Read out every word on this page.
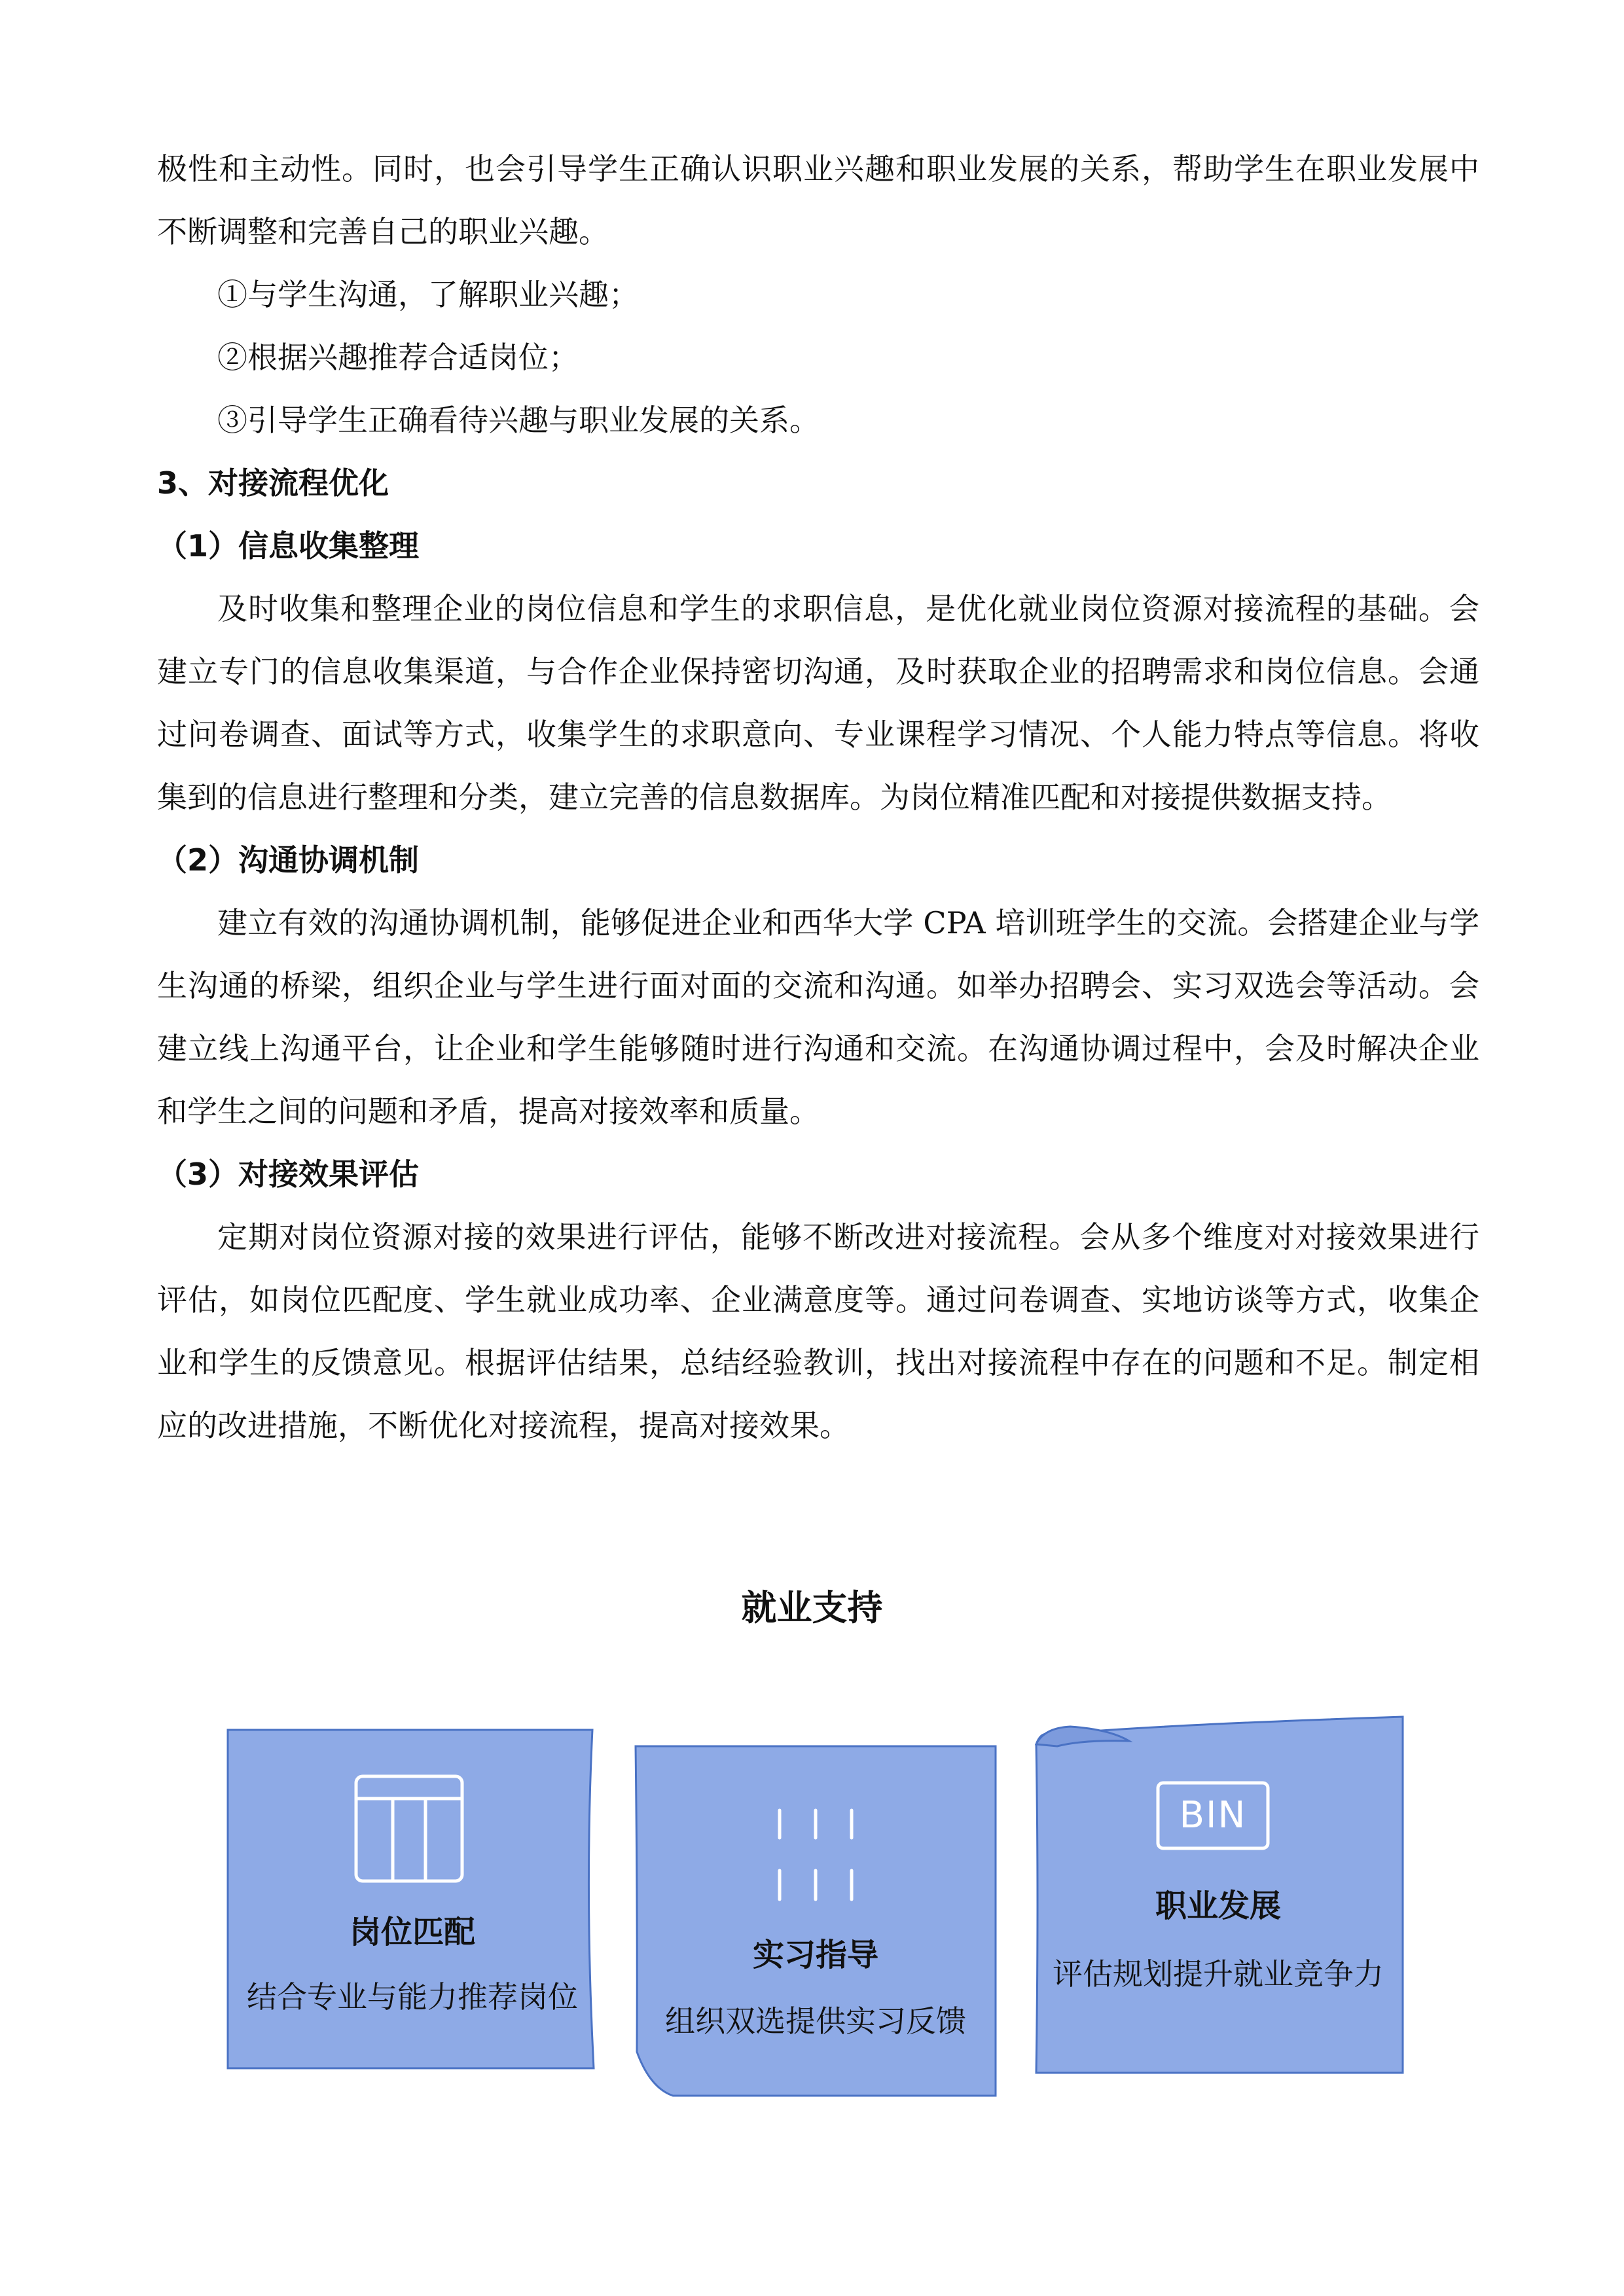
极性和主动性。同时，也会引导学生正确认识职业兴趣和职业发展的关系，帮助学生在职业发展中不断调整和完善自己的职业兴趣。

①与学生沟通，了解职业兴趣；

②根据兴趣推荐合适岗位；

③引导学生正确看待兴趣与职业发展的关系。

3、对接流程优化

（1）信息收集整理

及时收集和整理企业的岗位信息和学生的求职信息，是优化就业岗位资源对接流程的基础。会建立专门的信息收集渠道，与合作企业保持密切沟通，及时获取企业的招聘需求和岗位信息。会通过问卷调查、面试等方式，收集学生的求职意向、专业课程学习情况、个人能力特点等信息。将收集到的信息进行整理和分类，建立完善的信息数据库。为岗位精准匹配和对接提供数据支持。

（2）沟通协调机制

建立有效的沟通协调机制，能够促进企业和西华大学 CPA 培训班学生的交流。会搭建企业与学生沟通的桥梁，组织企业与学生进行面对面的交流和沟通。如举办招聘会、实习双选会等活动。会建立线上沟通平台，让企业和学生能够随时进行沟通和交流。在沟通协调过程中，会及时解决企业和学生之间的问题和矛盾，提高对接效率和质量。

（3）对接效果评估

定期对岗位资源对接的效果进行评估，能够不断改进对接流程。会从多个维度对对接效果进行评估，如岗位匹配度、学生就业成功率、企业满意度等。通过问卷调查、实地访谈等方式，收集企业和学生的反馈意见。根据评估结果，总结经验教训，找出对接流程中存在的问题和不足。制定相应的改进措施，不断优化对接流程，提高对接效果。

就业支持
岗位匹配
结合专业与能力推荐岗位
实习指导
组织双选提供实习反馈
BIN
职业发展
评估规划提升就业竞争力
